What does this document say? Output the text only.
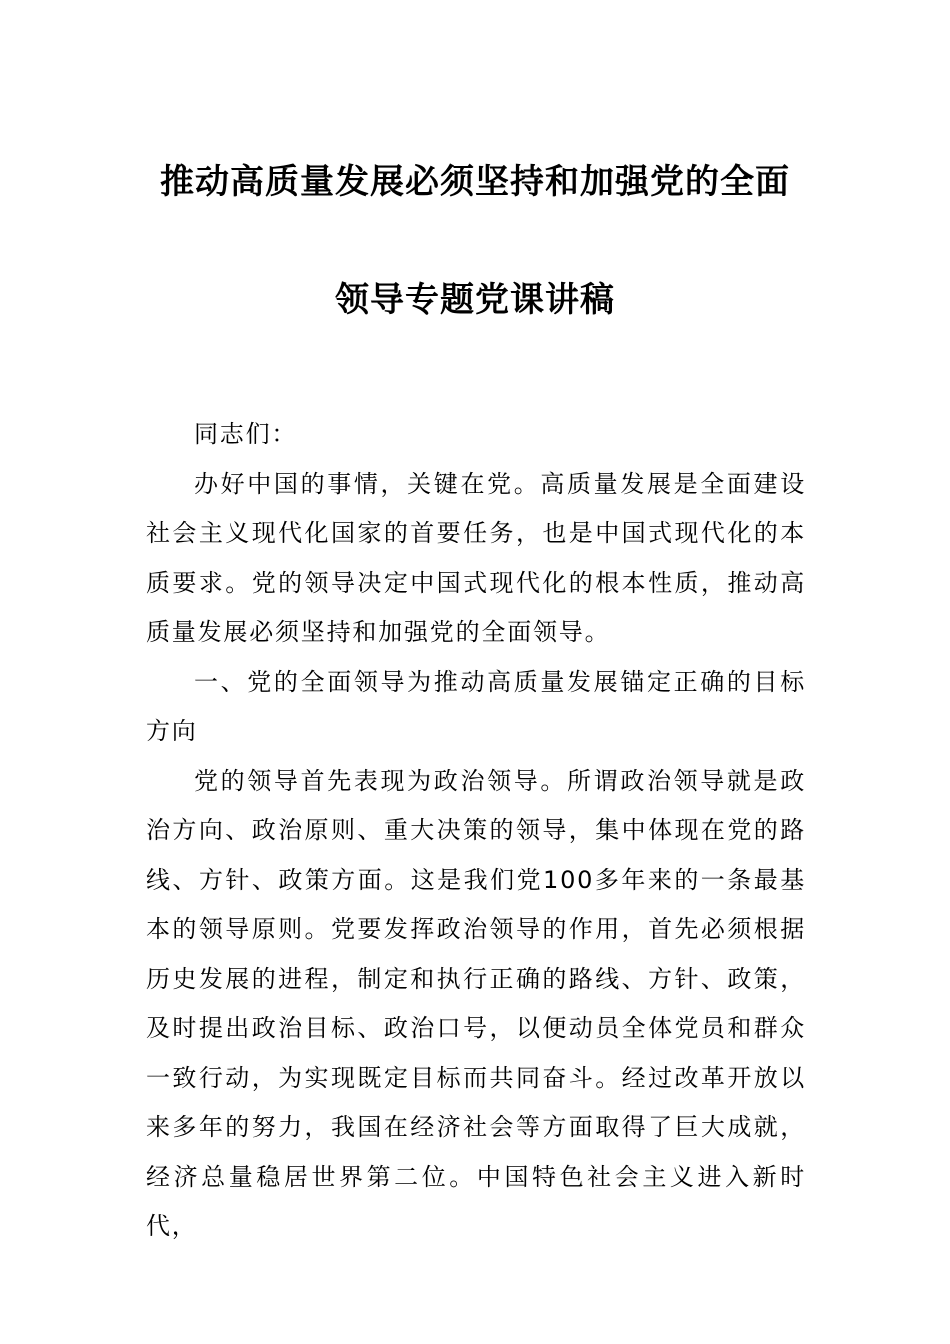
推动高质量发展必须坚持和加强党的全面
领导专题党课讲稿

同志们：

办好中国的事情，关键在党。高质量发展是全面建设社会主义现代化国家的首要任务，也是中国式现代化的本质要求。党的领导决定中国式现代化的根本性质，推动高质量发展必须坚持和加强党的全面领导。

一、党的全面领导为推动高质量发展锚定正确的目标方向

党的领导首先表现为政治领导。所谓政治领导就是政治方向、政治原则、重大决策的领导，集中体现在党的路线、方针、政策方面。这是我们党100多年来的一条最基本的领导原则。党要发挥政治领导的作用，首先必须根据历史发展的进程，制定和执行正确的路线、方针、政策，及时提出政治目标、政治口号，以便动员全体党员和群众一致行动，为实现既定目标而共同奋斗。经过改革开放以来多年的努力，我国在经济社会等方面取得了巨大成就，经济总量稳居世界第二位。中国特色社会主义进入新时代，
